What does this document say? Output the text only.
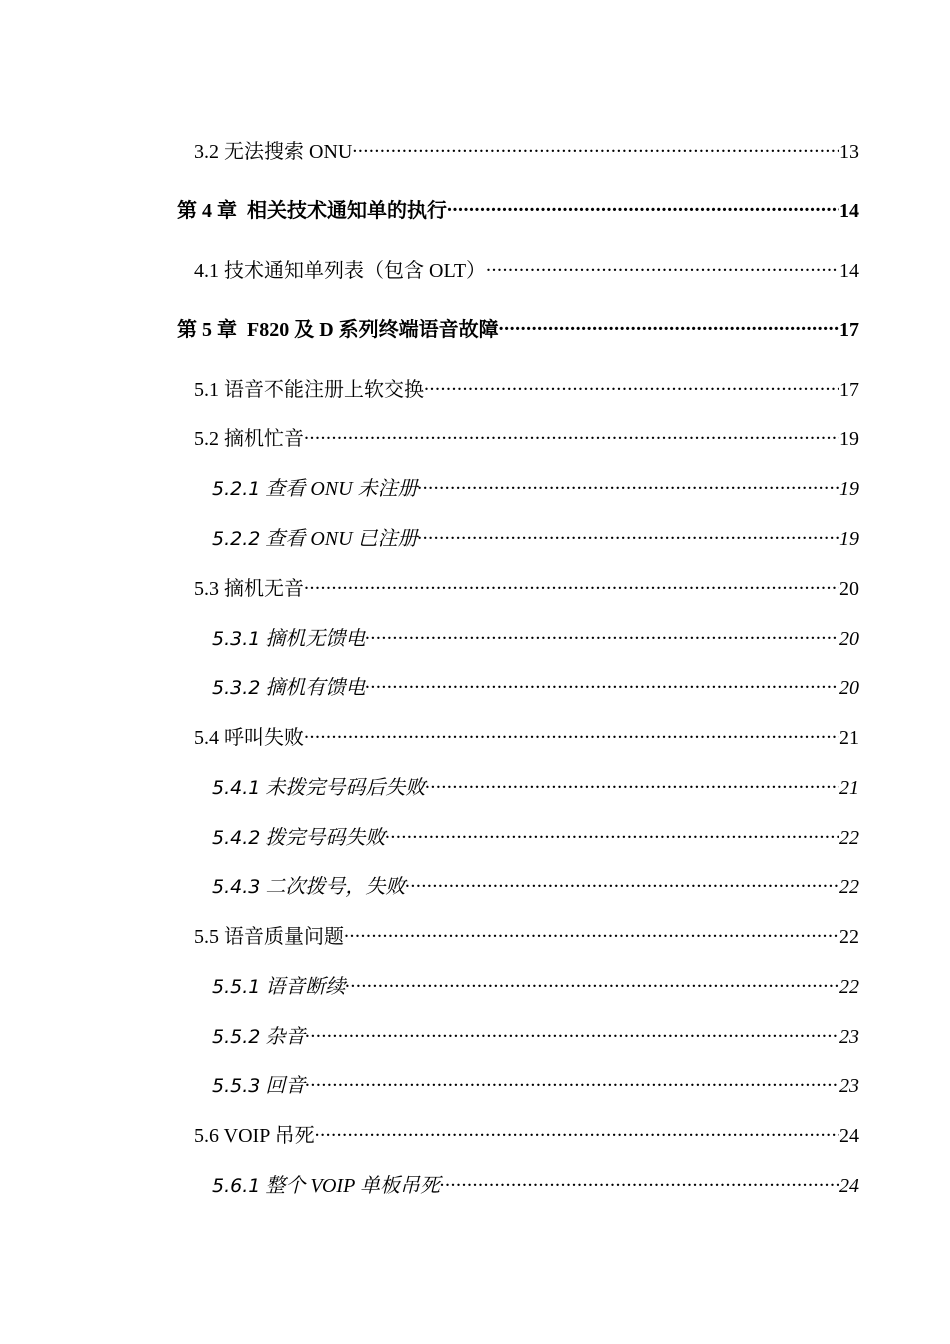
3.2 无法搜索 ONU .....	13
第 4 章 相关技术通知单的执行 .....	14
4.1 技术通知单列表（包含 OLT） .....	14
第 5 章 F820 及 D 系列终端语音故障 .....	17
5.1 语音不能注册上软交换 .....	17
5.2 摘机忙音 .....	19
5.2.1 查看 ONU 未注册 .....	19
5.2.2 查看 ONU 已注册 .....	19
5.3 摘机无音 .....	20
5.3.1 摘机无馈电 .....	20
5.3.2 摘机有馈电 .....	20
5.4 呼叫失败 .....	21
5.4.1 未拨完号码后失败 .....	21
5.4.2 拨完号码失败 .....	22
5.4.3 二次拨号，失败 .....	22
5.5 语音质量问题 .....	22
5.5.1 语音断续 .....	22
5.5.2 杂音 .....	23
5.5.3 回音 .....	23
5.6 VOIP 吊死 .....	24
5.6.1 整个 VOIP 单板吊死 .....	24
